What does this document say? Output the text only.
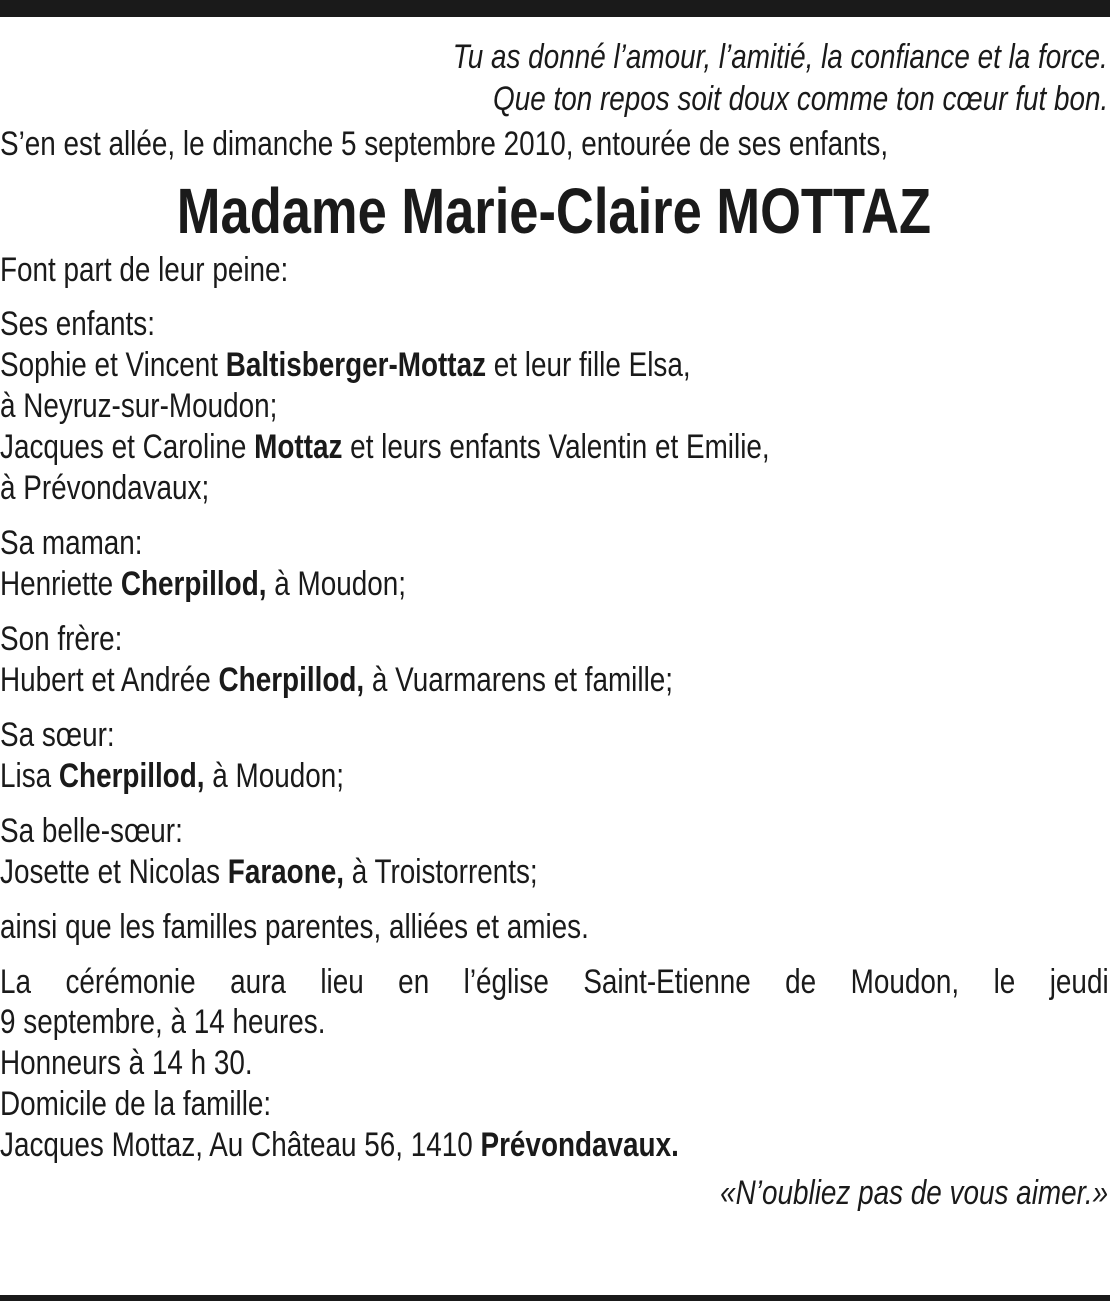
Tu as donné l’amour, l’amitié, la confiance et la force.
Que ton repos soit doux comme ton cœur fut bon.
S’en est allée, le dimanche 5 septembre 2010, entourée de ses enfants,
Madame Marie-Claire MOTTAZ
Font part de leur peine:
Ses enfants:
Sophie et Vincent Baltisberger-Mottaz et leur fille Elsa,
à Neyruz-sur-Moudon;
Jacques et Caroline Mottaz et leurs enfants Valentin et Emilie,
à Prévondavaux;
Sa maman:
Henriette Cherpillod, à Moudon;
Son frère:
Hubert et Andrée Cherpillod, à Vuarmarens et famille;
Sa sœur:
Lisa Cherpillod, à Moudon;
Sa belle-sœur:
Josette et Nicolas Faraone, à Troistorrents;
ainsi que les familles parentes, alliées et amies.
La cérémonie aura lieu en l’église Saint-Etienne de Moudon, le jeudi
9 septembre, à 14 heures.
Honneurs à 14 h 30.
Domicile de la famille:
Jacques Mottaz, Au Château 56, 1410 Prévondavaux.
«N’oubliez pas de vous aimer.»
